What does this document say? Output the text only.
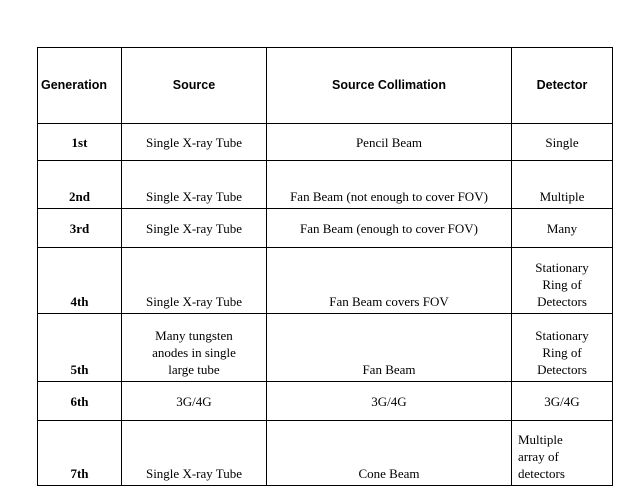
Generation	Source	Source Collimation	Detector
1st	Single X-ray Tube	Pencil Beam	Single
2nd	Single X-ray Tube	Fan Beam (not enough to cover FOV)	Multiple
3rd	Single X-ray Tube	Fan Beam (enough to cover FOV)	Many
4th	Single X-ray Tube	Fan Beam covers FOV	Stationary
Ring of
Detectors
5th	Many tungsten
anodes in single
large tube	Fan Beam	Stationary
Ring of
Detectors
6th	3G/4G	3G/4G	3G/4G
7th	Single X-ray Tube	Cone Beam	Multiple
array of
detectors
